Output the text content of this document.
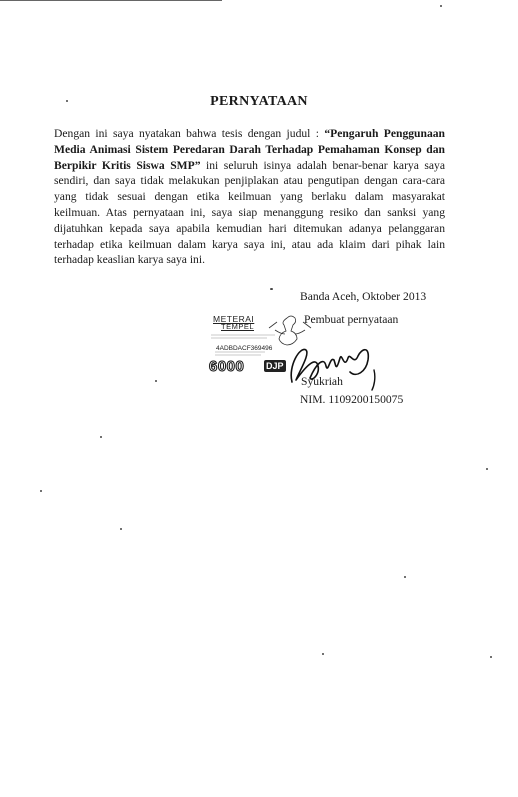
PERNYATAAN
Dengan ini saya nyatakan bahwa tesis dengan judul : “Pengaruh Penggunaan
Media Animasi Sistem Peredaran Darah Terhadap Pemahaman Konsep dan
Berpikir Kritis Siswa SMP” ini seluruh isinya adalah benar-benar karya saya
sendiri, dan saya tidak melakukan penjiplakan atau pengutipan dengan cara-cara
yang tidak sesuai dengan etika keilmuan yang berlaku dalam masyarakat
keilmuan. Atas pernyataan ini, saya siap menanggung resiko dan sanksi yang
dijatuhkan kepada saya apabila kemudian hari ditemukan adanya pelanggaran
terhadap etika keilmuan dalam karya saya ini, atau ada klaim dari pihak lain
terhadap keaslian karya saya ini.
Banda Aceh, Oktober 2013
Pembuat pernyataan
METERAI
TEMPEL
4ADBDACF369496
6000 DJP
Syukriah
NIM. 1109200150075
